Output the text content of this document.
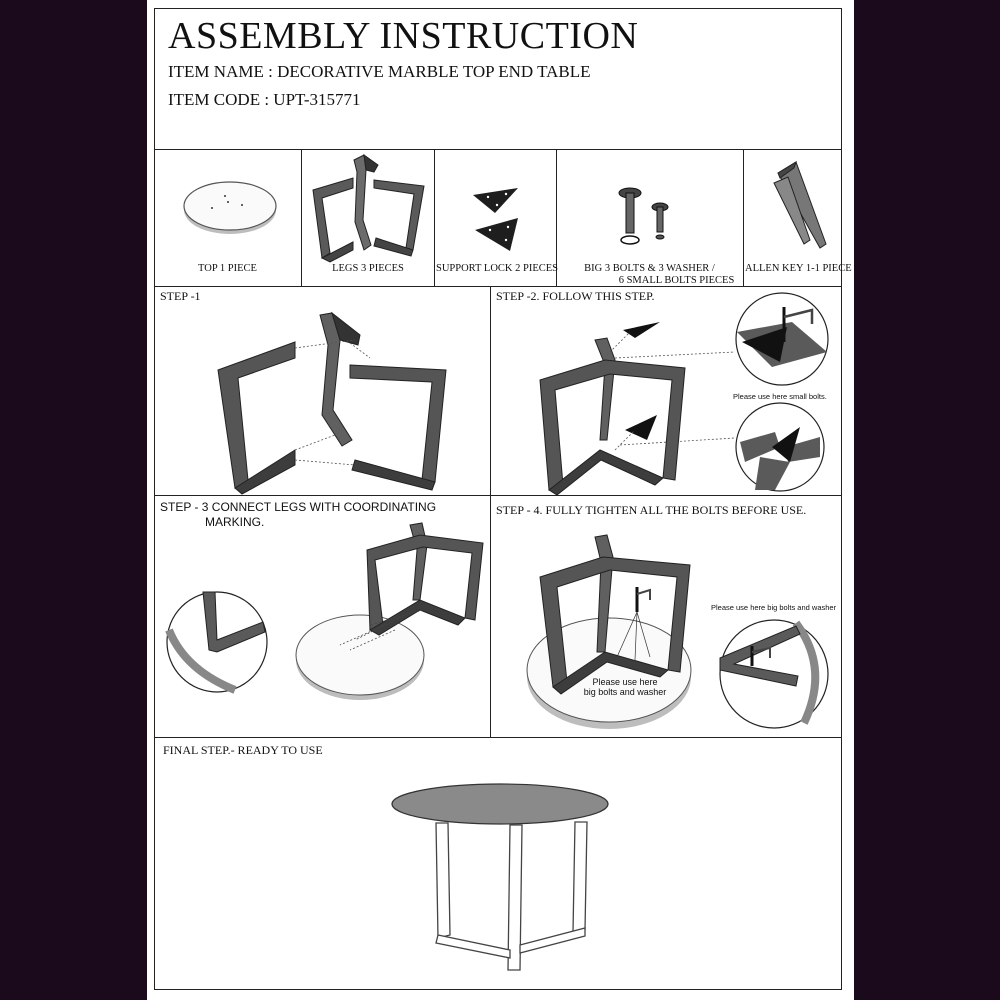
ASSEMBLY INSTRUCTION
ITEM NAME : DECORATIVE MARBLE TOP END TABLE
ITEM CODE : UPT-315771
TOP 1 PIECE	LEGS 3 PIECES	SUPPORT LOCK 2 PIECES	BIG 3 BOLTS & 3 WASHER /
6 SMALL BOLTS PIECES
ALLEN KEY 1-1 PIECE
STEP -1	STEP -2. FOLLOW THIS STEP.
Please use here small bolts.
STEP - 3 CONNECT LEGS WITH COORDINATING
MARKING.
STEP - 4. FULLY TIGHTEN ALL THE BOLTS BEFORE USE.
Please use here
big bolts and washer
Please use here big bolts and washer
FINAL STEP.- READY TO USE
